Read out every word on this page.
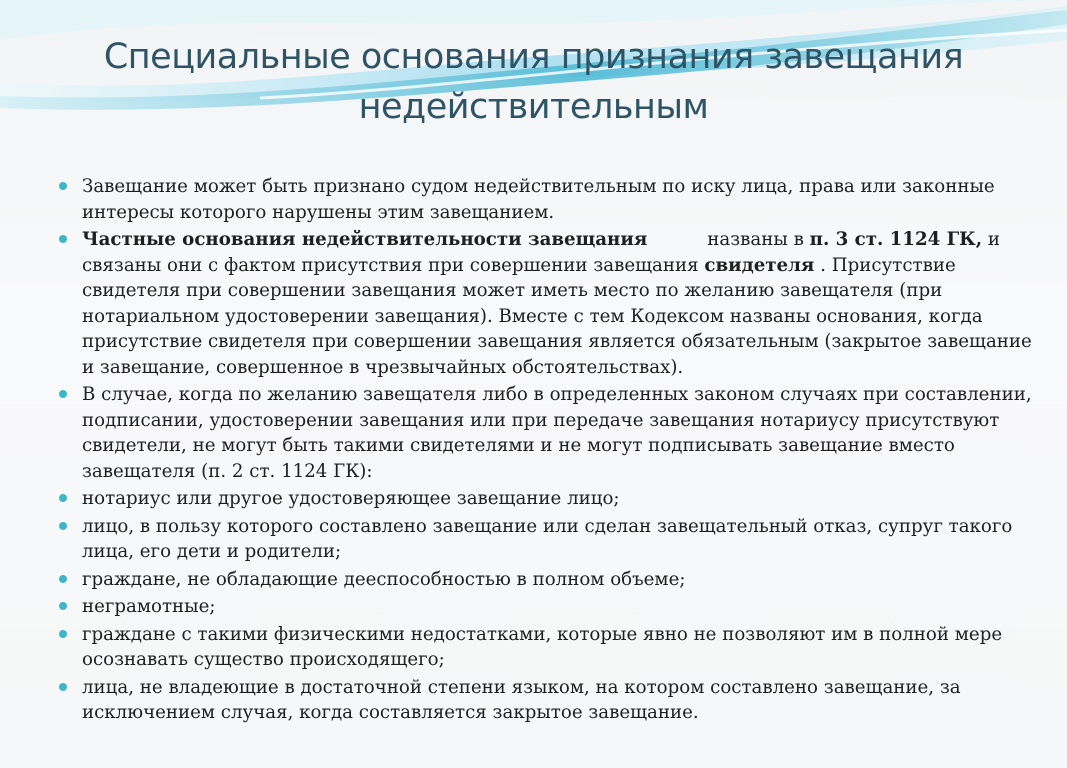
Специальные основания признания завещания
недействительным
Завещание может быть признано судом недействительным по иску лица, права или законные интересы которого нарушены этим завещанием.
Частные основания недействительности завещания	названы в п. 3 ст. 1124 ГК, и связаны они с фактом присутствия при совершении завещания свидетеля . Присутствие свидетеля при совершении завещания может иметь место по желанию завещателя (при нотариальном удостоверении завещания). Вместе с тем Кодексом названы основания, когда присутствие свидетеля при совершении завещания является обязательным (закрытое завещание и завещание, совершенное в чрезвычайных обстоятельствах).
В случае, когда по желанию завещателя либо в определенных законом случаях при составлении, подписании, удостоверении завещания или при передаче завещания нотариусу присутствуют свидетели, не могут быть такими свидетелями и не могут подписывать завещание вместо завещателя (п. 2 ст. 1124 ГК):
нотариус или другое удостоверяющее завещание лицо;
лицо, в пользу которого составлено завещание или сделан завещательный отказ, супруг такого лица, его дети и родители;
граждане, не обладающие дееспособностью в полном объеме;
неграмотные;
граждане с такими физическими недостатками, которые явно не позволяют им в полной мере осознавать существо происходящего;
лица, не владеющие в достаточной степени языком, на котором составлено завещание, за исключением случая, когда составляется закрытое завещание.
